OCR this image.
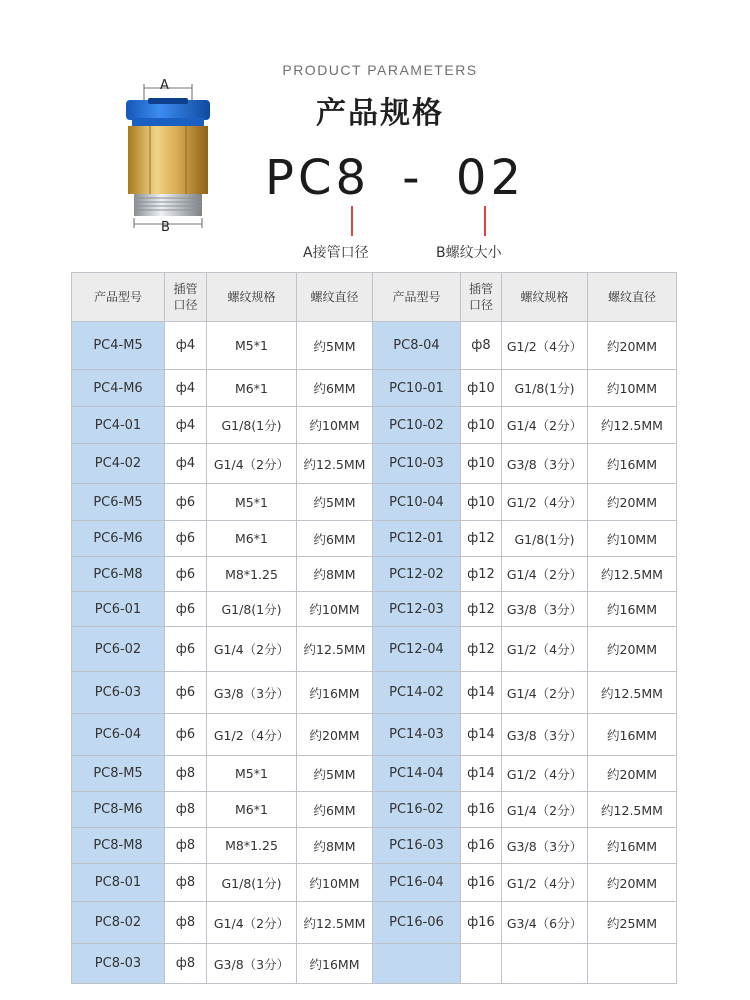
A
B
PRODUCT PARAMETERS
产品规格
PC8 - 02
A接管口径	B螺纹大小
产品型号	插管口径	螺纹规格	螺纹直径	产品型号	插管口径	螺纹规格	螺纹直径
PC4-M5	ф4	M5*1	约5MM	PC8-04	ф8	G1/2（4分）	约20MM
PC4-M6	ф4	M6*1	约6MM	PC10-01	ф10	G1/8(1分)	约10MM
PC4-01	ф4	G1/8(1分)	约10MM	PC10-02	ф10	G1/4（2分）	约12.5MM
PC4-02	ф4	G1/4（2分）	约12.5MM	PC10-03	ф10	G3/8（3分）	约16MM
PC6-M5	ф6	M5*1	约5MM	PC10-04	ф10	G1/2（4分）	约20MM
PC6-M6	ф6	M6*1	约6MM	PC12-01	ф12	G1/8(1分)	约10MM
PC6-M8	ф6	M8*1.25	约8MM	PC12-02	ф12	G1/4（2分）	约12.5MM
PC6-01	ф6	G1/8(1分)	约10MM	PC12-03	ф12	G3/8（3分）	约16MM
PC6-02	ф6	G1/4（2分）	约12.5MM	PC12-04	ф12	G1/2（4分）	约20MM
PC6-03	ф6	G3/8（3分）	约16MM	PC14-02	ф14	G1/4（2分）	约12.5MM
PC6-04	ф6	G1/2（4分）	约20MM	PC14-03	ф14	G3/8（3分）	约16MM
PC8-M5	ф8	M5*1	约5MM	PC14-04	ф14	G1/2（4分）	约20MM
PC8-M6	ф8	M6*1	约6MM	PC16-02	ф16	G1/4（2分）	约12.5MM
PC8-M8	ф8	M8*1.25	约8MM	PC16-03	ф16	G3/8（3分）	约16MM
PC8-01	ф8	G1/8(1分)	约10MM	PC16-04	ф16	G1/2（4分）	约20MM
PC8-02	ф8	G1/4（2分）	约12.5MM	PC16-06	ф16	G3/4（6分）	约25MM
PC8-03	ф8	G3/8（3分）	约16MM				
